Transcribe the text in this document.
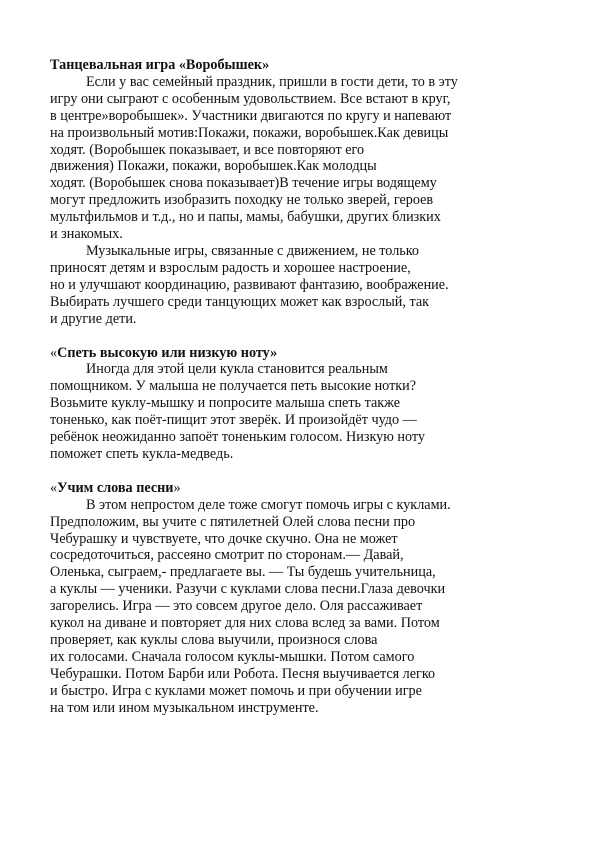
Танцевальная игра «Воробышек»
Если у вас семейный праздник, пришли в гости дети, то в эту
игру они сыграют с особенным удовольствием. Все встают в круг,
в центре»воробышек». Участники двигаются по кругу и напевают
на произвольный мотив:Покажи, покажи, воробышек.Как девицы
ходят. (Воробышек показывает, и все повторяют его
движения) Покажи, покажи, воробышек.Как молодцы
ходят. (Воробышек снова показывает)В течение игры водящему
могут предложить изобразить походку не только зверей, героев
мультфильмов и т.д., но и папы, мамы, бабушки, других близких
и знакомых.
Музыкальные игры, связанные с движением, не только
приносят детям и взрослым радость и хорошее настроение,
но и улучшают координацию, развивают фантазию, воображение.
Выбирать лучшего среди танцующих может как взрослый, так
и другие дети.
«Спеть высокую или низкую ноту»
Иногда для этой цели кукла становится реальным
помощником. У малыша не получается петь высокие нотки?
Возьмите куклу-мышку и попросите малыша спеть также
тоненько, как поёт-пищит этот зверёк. И произойдёт чудо —
ребёнок неожиданно запоёт тоненьким голосом. Низкую ноту
поможет спеть кукла-медведь.
«Учим слова песни»
В этом непростом деле тоже смогут помочь игры с куклами.
Предположим, вы учите с пятилетней Олей слова песни про
Чебурашку и чувствуете, что дочке скучно. Она не может
сосредоточиться, рассеяно смотрит по сторонам.— Давай,
Оленька, сыграем,- предлагаете вы. — Ты будешь учительница,
а куклы — ученики. Разучи с куклами слова песни.Глаза девочки
загорелись. Игра — это совсем другое дело. Оля рассаживает
кукол на диване и повторяет для них слова вслед за вами. Потом
проверяет, как куклы слова выучили, произнося слова
их голосами. Сначала голосом куклы-мышки. Потом самого
Чебурашки. Потом Барби или Робота. Песня выучивается легко
и быстро. Игра с куклами может помочь и при обучении игре
на том или ином музыкальном инструменте.
